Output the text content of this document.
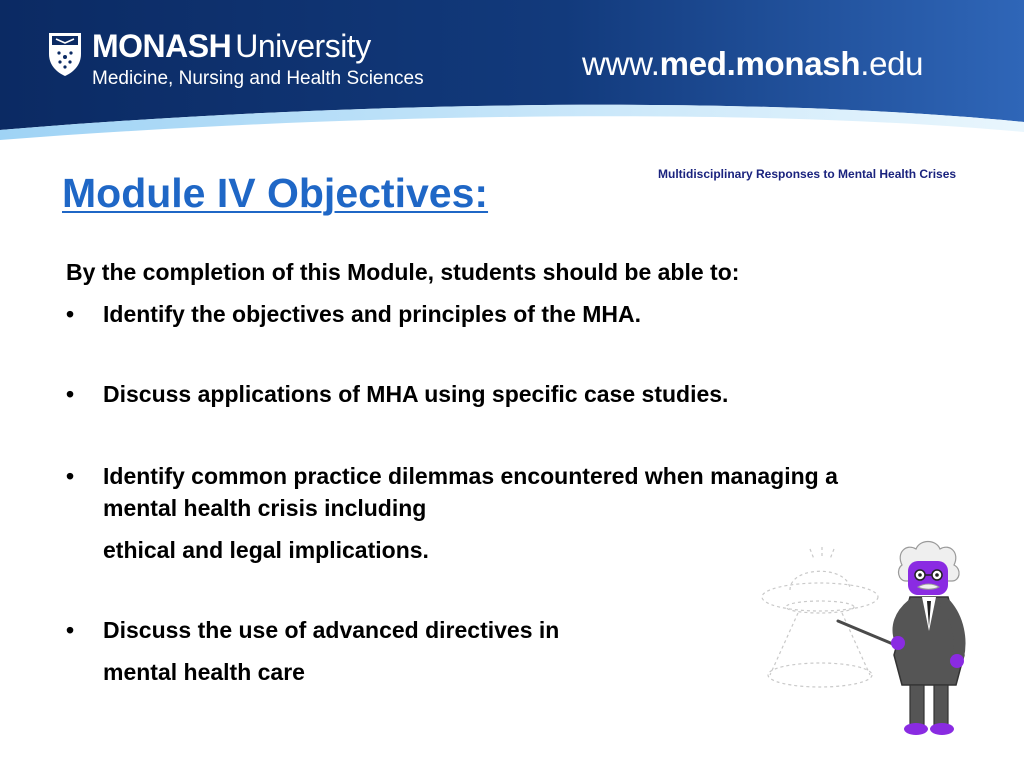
MONASH University
Medicine, Nursing and Health Sciences	www.med.monash.edu
Multidisciplinary Responses to Mental Health Crises
Module IV Objectives:

By the completion of this Module, students should be able to:

•	Identify the objectives and principles of the MHA.
•	Discuss applications of MHA using specific case studies.
•	Identify common practice dilemmas encountered when managing a mental health crisis including

ethical and legal implications.

•	Discuss the use of advanced directives in

mental health care
